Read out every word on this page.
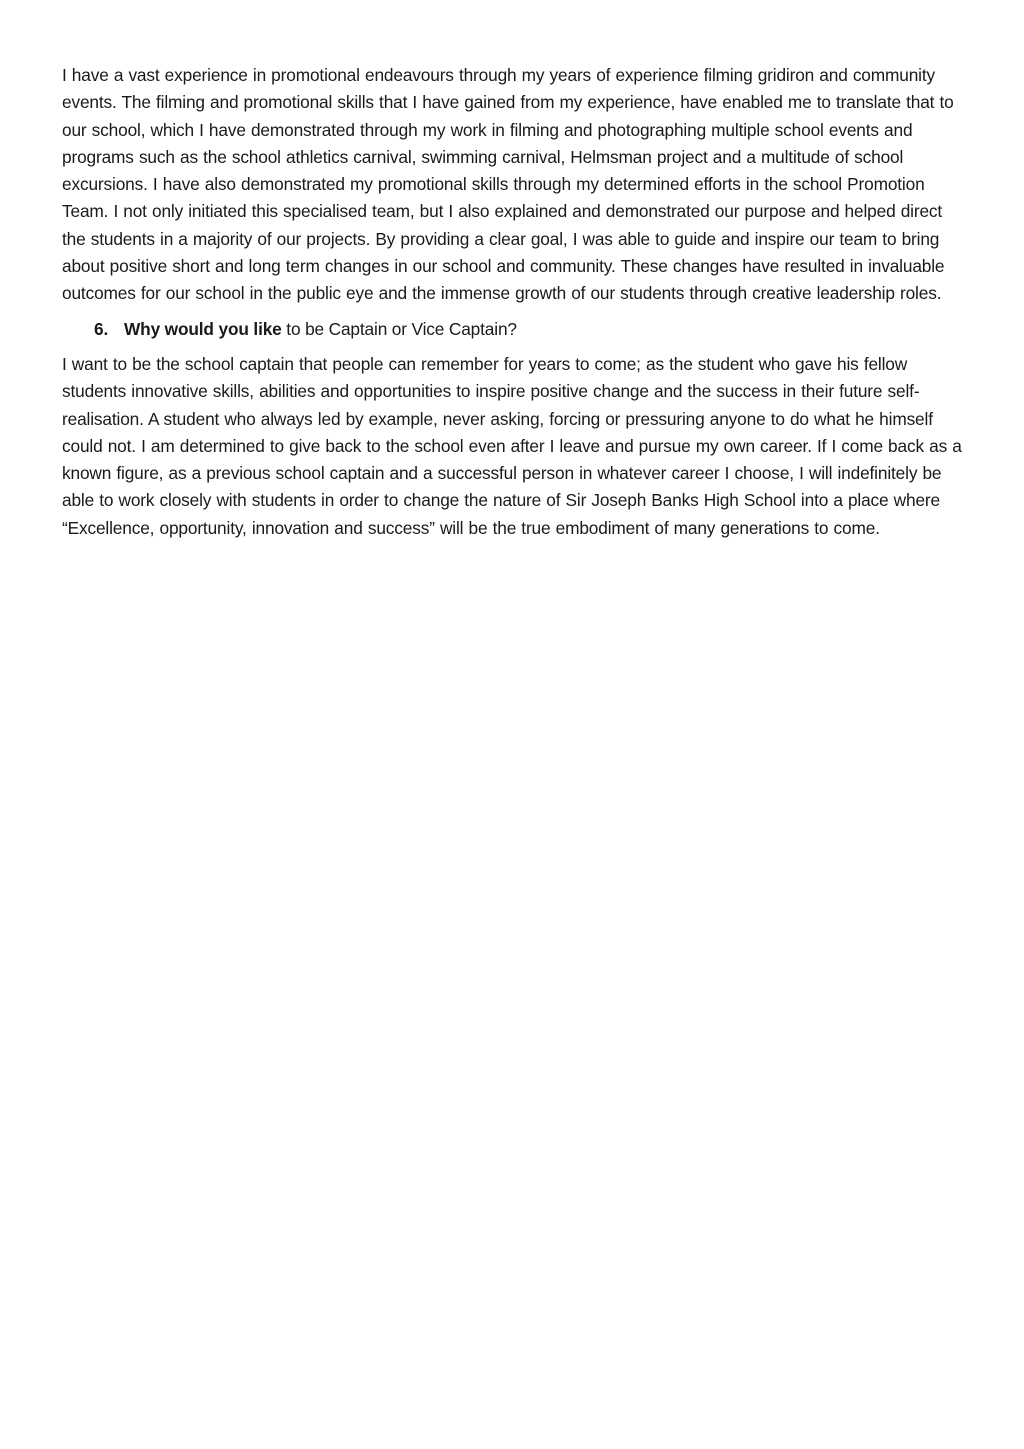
I have a vast experience in promotional endeavours through my years of experience filming gridiron and community events. The filming and promotional skills that I have gained from my experience, have enabled me to translate that to our school, which I have demonstrated through my work in filming and photographing multiple school events and programs such as the school athletics carnival, swimming carnival, Helmsman project and a multitude of school excursions. I have also demonstrated my promotional skills through my determined efforts in the school Promotion Team. I not only initiated this specialised team, but I also explained and demonstrated our purpose and helped direct the students in a majority of our projects. By providing a clear goal, I was able to guide and inspire our team to bring about positive short and long term changes in our school and community. These changes have resulted in invaluable outcomes for our school in the public eye and the immense growth of our students through creative leadership roles.

6. Why would you like to be Captain or Vice Captain?

I want to be the school captain that people can remember for years to come; as the student who gave his fellow students innovative skills, abilities and opportunities to inspire positive change and the success in their future self-realisation. A student who always led by example, never asking, forcing or pressuring anyone to do what he himself could not. I am determined to give back to the school even after I leave and pursue my own career. If I come back as a known figure, as a previous school captain and a successful person in whatever career I choose, I will indefinitely be able to work closely with students in order to change the nature of Sir Joseph Banks High School into a place where “Excellence, opportunity, innovation and success” will be the true embodiment of many generations to come.
